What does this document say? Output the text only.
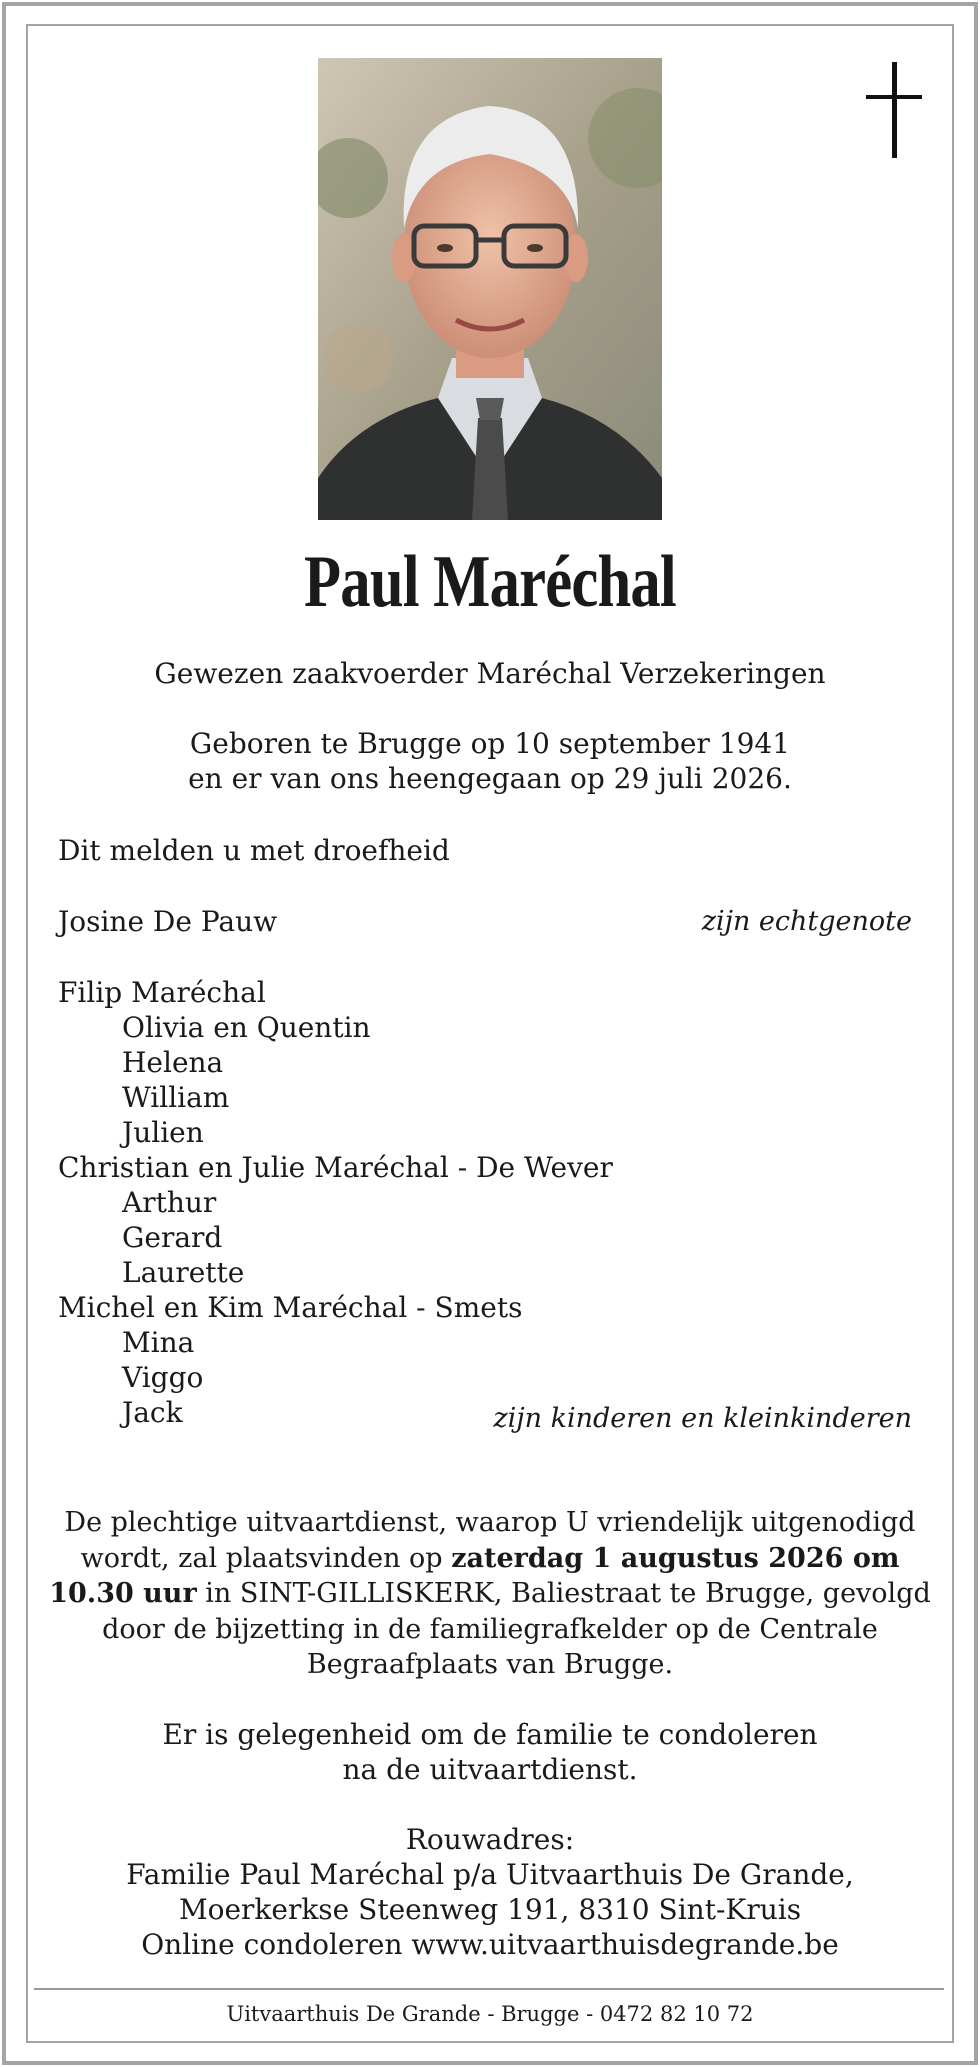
Paul Maréchal
Gewezen zaakvoerder Maréchal Verzekeringen
Geboren te Brugge op 10 september 1941
en er van ons heengegaan op 29 juli 2026.
Dit melden u met droefheid
Josine De Pauw	zijn echtgenote
Filip Maréchal
Olivia en Quentin
Helena
William
Julien
Christian en Julie Maréchal - De Wever
Arthur
Gerard
Laurette
Michel en Kim Maréchal - Smets
Mina
Viggo
Jack	zijn kinderen en kleinkinderen
De plechtige uitvaartdienst, waarop U vriendelijk uitgenodigd wordt, zal plaatsvinden op zaterdag 1 augustus 2026 om 10.30 uur in SINT-GILLISKERK, Baliestraat te Brugge, gevolgd door de bijzetting in de familiegrafkelder op de Centrale Begraafplaats van Brugge.
Er is gelegenheid om de familie te condoleren
na de uitvaartdienst.
Rouwadres:
Familie Paul Maréchal p/a Uitvaarthuis De Grande,
Moerkerkse Steenweg 191, 8310 Sint-Kruis
Online condoleren www.uitvaarthuisdegrande.be
Uitvaarthuis De Grande - Brugge - 0472 82 10 72
